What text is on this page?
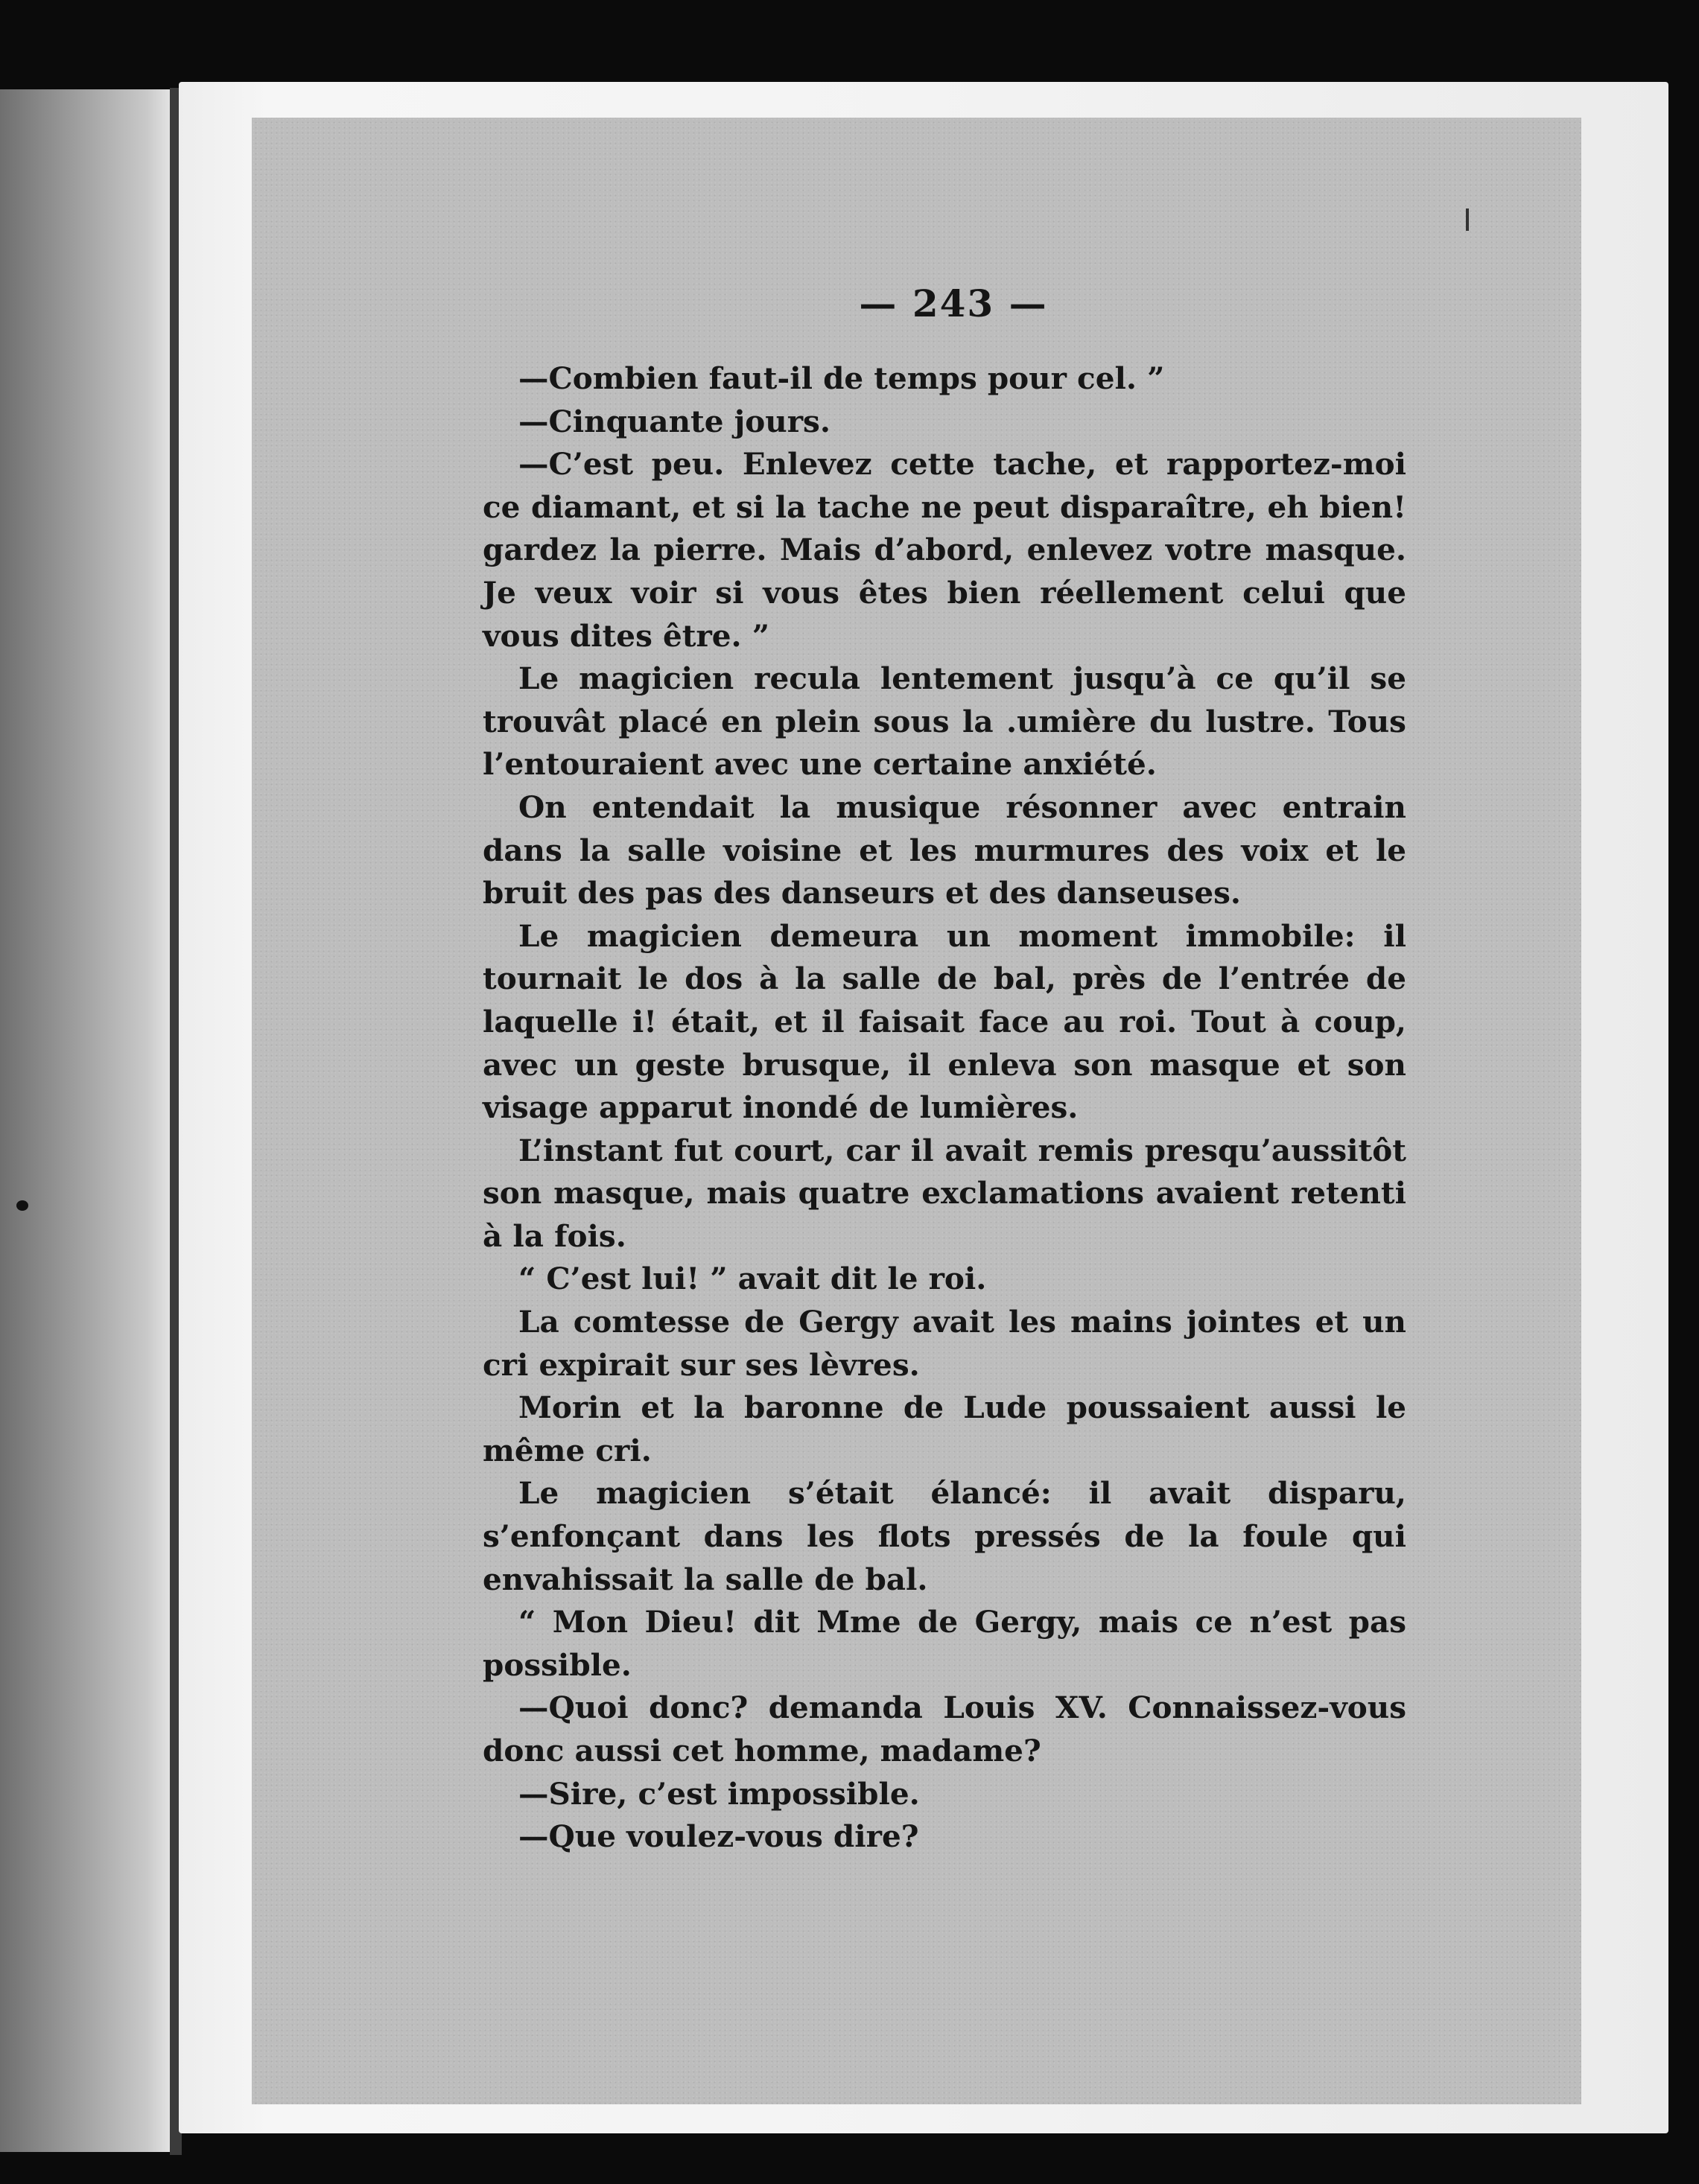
— 243 —

—Combien faut-il de temps pour cel. ”

—Cinquante jours.

—C’est peu. Enlevez cette tache, et rapportez-moi ce diamant, et si la tache ne peut disparaître, eh bien! gardez la pierre. Mais d’abord, enlevez votre masque. Je veux voir si vous êtes bien réellement celui que vous dites être. ”

Le magicien recula lentement jusqu’à ce qu’il se trouvât placé en plein sous la .umière du lustre. Tous l’entouraient avec une certaine anxiété.

On entendait la musique résonner avec entrain dans la salle voisine et les murmures des voix et le bruit des pas des danseurs et des danseuses.

Le magicien demeura un moment immobile: il tournait le dos à la salle de bal, près de l’entrée de laquelle i! était, et il faisait face au roi. Tout à coup, avec un geste brusque, il enleva son masque et son visage apparut inondé de lumières.

L’instant fut court, car il avait remis presqu’aussitôt son masque, mais quatre exclamations avaient retenti à la fois.

“ C’est lui! ” avait dit le roi.

La comtesse de Gergy avait les mains jointes et un cri expirait sur ses lèvres.

Morin et la baronne de Lude poussaient aussi le même cri.

Le magicien s’était élancé: il avait disparu, s’enfonçant dans les flots pressés de la foule qui envahissait la salle de bal.

“ Mon Dieu! dit Mme de Gergy, mais ce n’est pas possible.

—Quoi donc? demanda Louis XV. Connaissez-vous donc aussi cet homme, madame?

—Sire, c’est impossible.

—Que voulez-vous dire?
